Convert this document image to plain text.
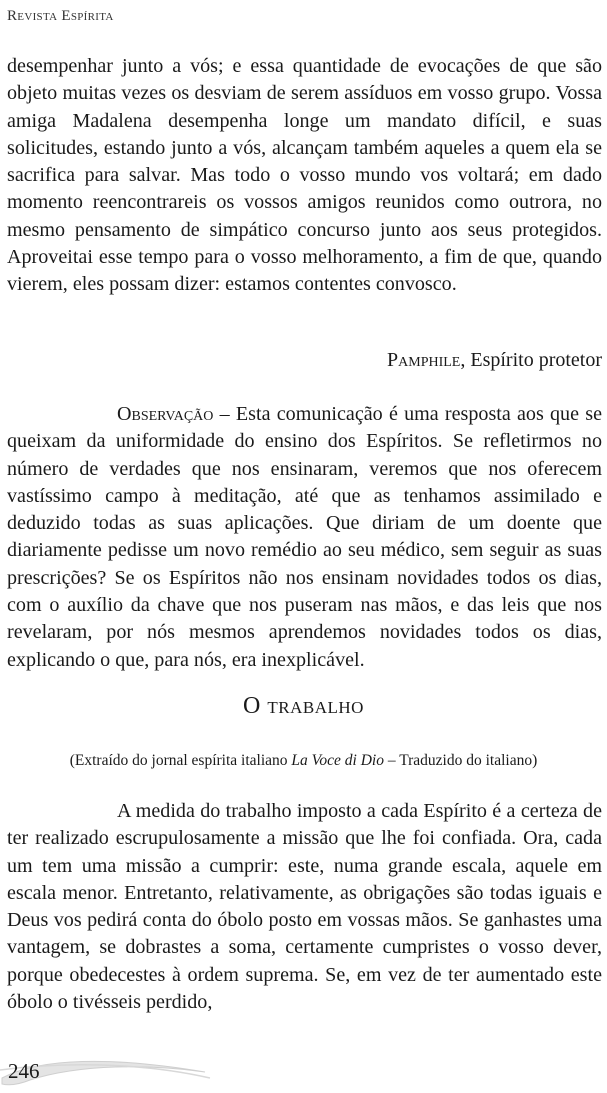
Revista Espírita

desempenhar junto a vós; e essa quantidade de evocações de que são objeto muitas vezes os desviam de serem assíduos em vosso grupo. Vossa amiga Madalena desempenha longe um mandato difícil, e suas solicitudes, estando junto a vós, alcançam também aqueles a quem ela se sacrifica para salvar. Mas todo o vosso mundo vos voltará; em dado momento reencontrareis os vossos amigos reunidos como outrora, no mesmo pensamento de simpático concurso junto aos seus protegidos. Aproveitai esse tempo para o vosso melhoramento, a fim de que, quando vierem, eles possam dizer: estamos contentes convosco.

Pamphile, Espírito protetor

Observação – Esta comunicação é uma resposta aos que se queixam da uniformidade do ensino dos Espíritos. Se refletirmos no número de verdades que nos ensinaram, veremos que nos oferecem vastíssimo campo à meditação, até que as tenhamos assimilado e deduzido todas as suas aplicações. Que diriam de um doente que diariamente pedisse um novo remédio ao seu médico, sem seguir as suas prescrições? Se os Espíritos não nos ensinam novidades todos os dias, com o auxílio da chave que nos puseram nas mãos, e das leis que nos revelaram, por nós mesmos aprendemos novidades todos os dias, explicando o que, para nós, era inexplicável.

O trabalho

(Extraído do jornal espírita italiano La Voce di Dio – Traduzido do italiano)

A medida do trabalho imposto a cada Espírito é a certeza de ter realizado escrupulosamente a missão que lhe foi confiada. Ora, cada um tem uma missão a cumprir: este, numa grande escala, aquele em escala menor. Entretanto, relativamente, as obrigações são todas iguais e Deus vos pedirá conta do óbolo posto em vossas mãos. Se ganhastes uma vantagem, se dobrastes a soma, certamente cumpristes o vosso dever, porque obedecestes à ordem suprema. Se, em vez de ter aumentado este óbolo o tivésseis perdido,

246
